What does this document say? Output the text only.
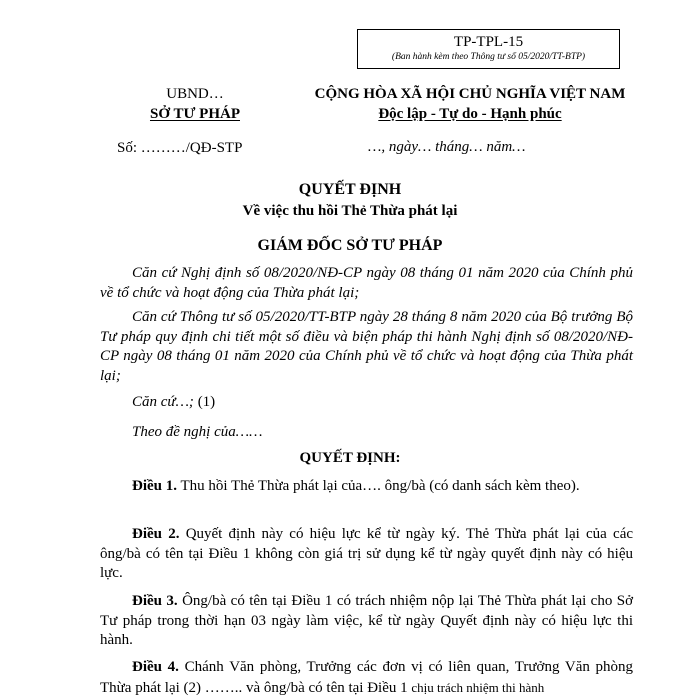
TP-TPL-15
(Ban hành kèm theo Thông tư số 05/2020/TT-BTP)
UBND…
SỞ TƯ PHÁP
CỘNG HÒA XÃ HỘI CHỦ NGHĨA VIỆT NAM
Độc lập - Tự do - Hạnh phúc
Số: ………/QĐ-STP	…, ngày… tháng… năm…
QUYẾT ĐỊNH
Về việc thu hồi Thẻ Thừa phát lại
GIÁM ĐỐC SỞ TƯ PHÁP
Căn cứ Nghị định số 08/2020/NĐ-CP ngày 08 tháng 01 năm 2020 của Chính phủ về tổ chức và hoạt động của Thừa phát lại;
Căn cứ Thông tư số 05/2020/TT-BTP ngày 28 tháng 8 năm 2020 của Bộ trưởng Bộ Tư pháp quy định chi tiết một số điều và biện pháp thi hành Nghị định số 08/2020/NĐ-CP ngày 08 tháng 01 năm 2020 của Chính phủ về tổ chức và hoạt động của Thừa phát lại;
Căn cứ…; (1)
Theo đề nghị của……
QUYẾT ĐỊNH:
Điều 1. Thu hồi Thẻ Thừa phát lại của…. ông/bà (có danh sách kèm theo).
Điều 2. Quyết định này có hiệu lực kể từ ngày ký. Thẻ Thừa phát lại của các ông/bà có tên tại Điều 1 không còn giá trị sử dụng kể từ ngày quyết định này có hiệu lực.
Điều 3. Ông/bà có tên tại Điều 1 có trách nhiệm nộp lại Thẻ Thừa phát lại cho Sở Tư pháp trong thời hạn 03 ngày làm việc, kể từ ngày Quyết định này có hiệu lực thi hành.
Điều 4. Chánh Văn phòng, Trưởng các đơn vị có liên quan, Trưởng Văn phòng Thừa phát lại (2) …….. và ông/bà có tên tại Điều 1 chịu trách nhiệm thi hành
